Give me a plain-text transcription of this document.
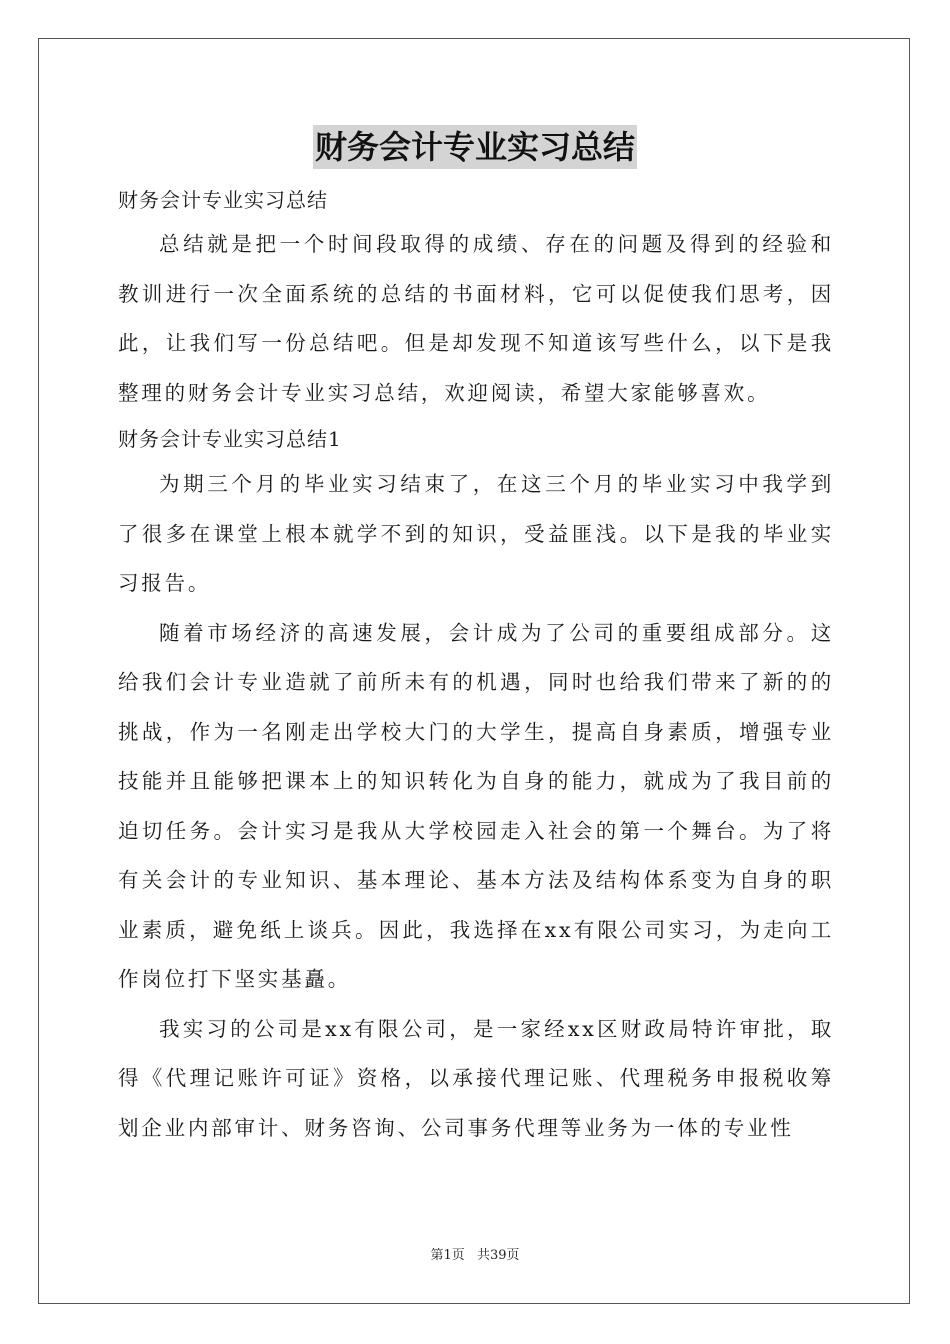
财务会计专业实习总结

财务会计专业实习总结

总结就是把一个时间段取得的成绩、存在的问题及得到的经验和教训进行一次全面系统的总结的书面材料，它可以促使我们思考，因此，让我们写一份总结吧。但是却发现不知道该写些什么，以下是我整理的财务会计专业实习总结，欢迎阅读，希望大家能够喜欢。

财务会计专业实习总结1

为期三个月的毕业实习结束了，在这三个月的毕业实习中我学到了很多在课堂上根本就学不到的知识，受益匪浅。以下是我的毕业实习报告。

随着市场经济的高速发展，会计成为了公司的重要组成部分。这给我们会计专业造就了前所未有的机遇，同时也给我们带来了新的的挑战，作为一名刚走出学校大门的大学生，提高自身素质，增强专业技能并且能够把课本上的知识转化为自身的能力，就成为了我目前的迫切任务。会计实习是我从大学校园走入社会的第一个舞台。为了将有关会计的专业知识、基本理论、基本方法及结构体系变为自身的职业素质，避免纸上谈兵。因此，我选择在xx有限公司实习，为走向工作岗位打下坚实基矗。

我实习的公司是xx有限公司，是一家经xx区财政局特许审批，取得《代理记账许可证》资格，以承接代理记账、代理税务申报税收筹划企业内部审计、财务咨询、公司事务代理等业务为一体的专业性

第1页 共39页
